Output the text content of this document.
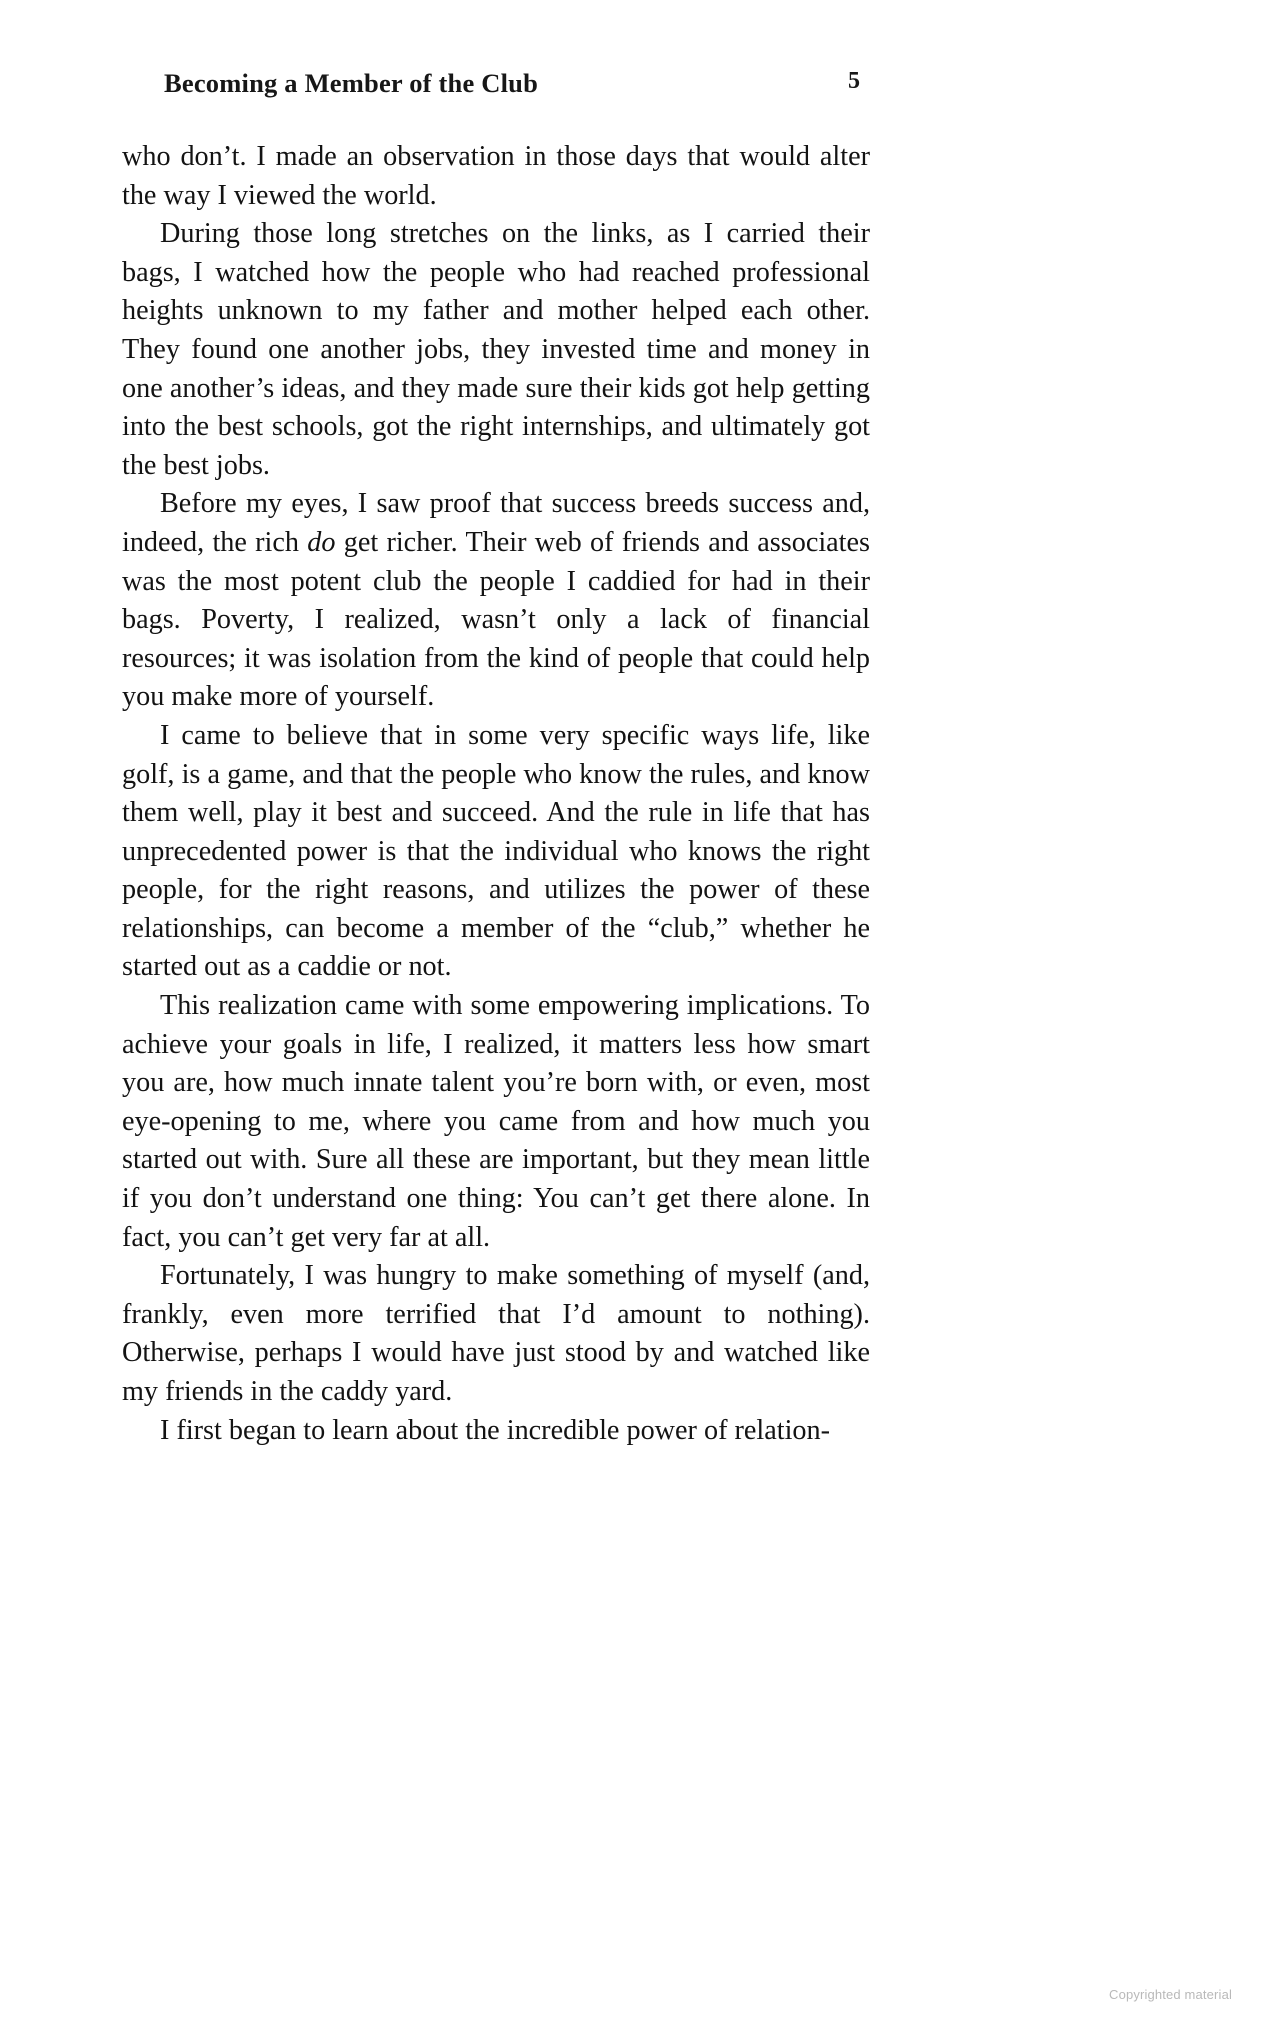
Becoming a Member of the Club	5

who don’t. I made an observation in those days that would alter the way I viewed the world.

During those long stretches on the links, as I carried their bags, I watched how the people who had reached professional heights unknown to my father and mother helped each other. They found one another jobs, they invested time and money in one another’s ideas, and they made sure their kids got help getting into the best schools, got the right internships, and ultimately got the best jobs.

Before my eyes, I saw proof that success breeds success and, indeed, the rich do get richer. Their web of friends and associates was the most potent club the people I caddied for had in their bags. Poverty, I realized, wasn’t only a lack of financial resources; it was isolation from the kind of people that could help you make more of yourself.

I came to believe that in some very specific ways life, like golf, is a game, and that the people who know the rules, and know them well, play it best and succeed. And the rule in life that has unprecedented power is that the individual who knows the right people, for the right reasons, and utilizes the power of these relationships, can become a member of the “club,” whether he started out as a caddie or not.

This realization came with some empowering implications. To achieve your goals in life, I realized, it matters less how smart you are, how much innate talent you’re born with, or even, most eye-opening to me, where you came from and how much you started out with. Sure all these are important, but they mean little if you don’t understand one thing: You can’t get there alone. In fact, you can’t get very far at all.

Fortunately, I was hungry to make something of myself (and, frankly, even more terrified that I’d amount to nothing). Otherwise, perhaps I would have just stood by and watched like my friends in the caddy yard.

I first began to learn about the incredible power of relation-

Copyrighted material
